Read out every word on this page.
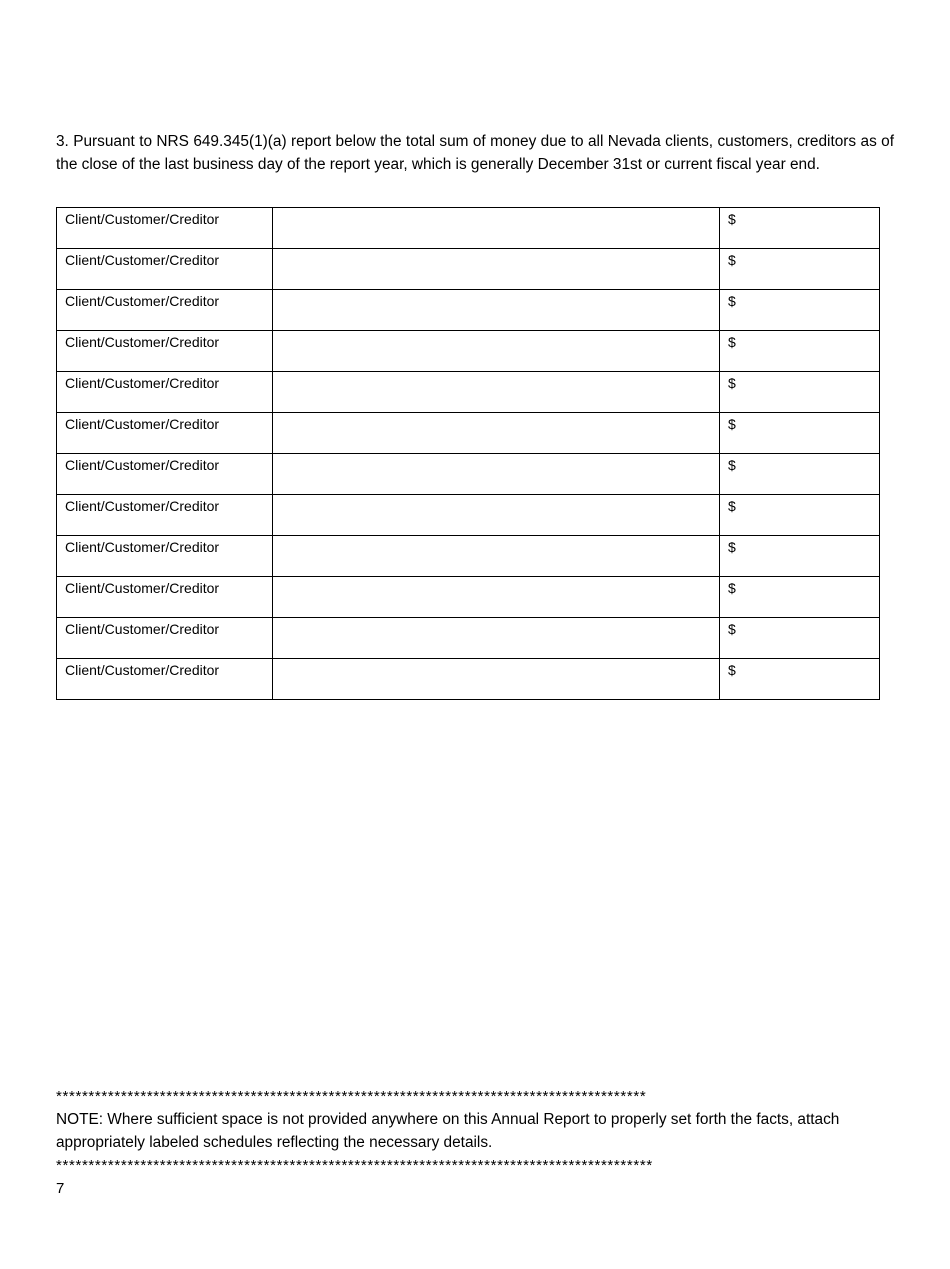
3. Pursuant to NRS 649.345(1)(a) report below the total sum of money due to all Nevada clients, customers, creditors as of the close of the last business day of the report year, which is generally December 31st or current fiscal year end.

Client/Customer/Creditor		$
Client/Customer/Creditor		$
Client/Customer/Creditor		$
Client/Customer/Creditor		$
Client/Customer/Creditor		$
Client/Customer/Creditor		$
Client/Customer/Creditor		$
Client/Customer/Creditor		$
Client/Customer/Creditor		$
Client/Customer/Creditor		$
Client/Customer/Creditor		$
Client/Customer/Creditor		$
*******************************************************************************************
NOTE: Where sufficient space is not provided anywhere on this Annual Report to properly set forth the facts, attach appropriately labeled schedules reflecting the necessary details.
********************************************************************************************
7
